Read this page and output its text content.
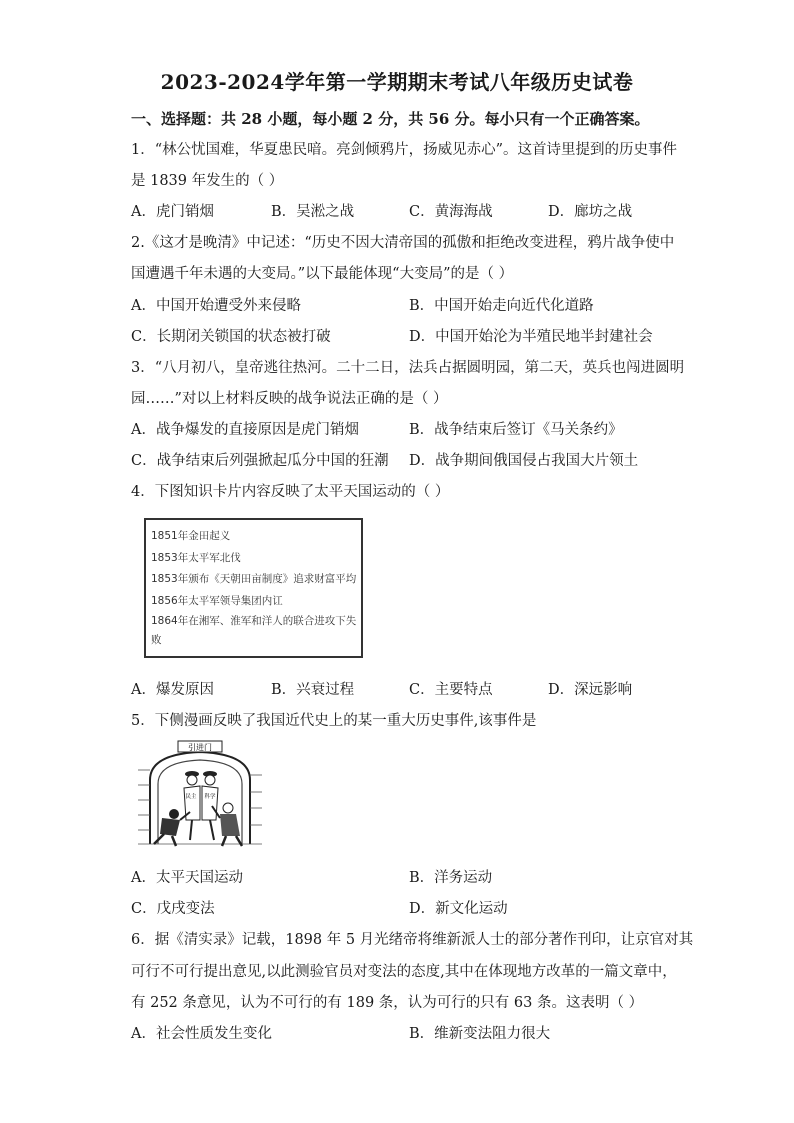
2023-2024学年第一学期期末考试八年级历史试卷
一、选择题：共 28 小题，每小题 2 分，共 56 分。每小只有一个正确答案。
1．“林公忧国难，华夏患民喑。亮剑倾鸦片，扬威见赤心”。这首诗里提到的历史事件
是 1839 年发生的（ ）
A．虎门销烟	B．吴淞之战	C．黄海海战	D．廊坊之战
2.《这才是晚清》中记述：“历史不因大清帝国的孤傲和拒绝改变进程，鸦片战争使中
国遭遇千年未遇的大变局。”以下最能体现“大变局”的是（ ）
A．中国开始遭受外来侵略	B．中国开始走向近代化道路
C．长期闭关锁国的状态被打破	D．中国开始沦为半殖民地半封建社会
3．“八月初八，皇帝逃往热河。二十二日，法兵占据圆明园，第二天，英兵也闯进圆明
园……”对以上材料反映的战争说法正确的是（ ）
A．战争爆发的直接原因是虎门销烟	B．战争结束后签订《马关条约》
C．战争结束后列强掀起瓜分中国的狂潮 D．战争期间俄国侵占我国大片领土
4．下图知识卡片内容反映了太平天国运动的（ ）
1851年金田起义
1853年太平军北伐
1853年颁布《天朝田亩制度》追求财富平均
1856年太平军领导集团内讧
1864年在湘军、淮军和洋人的联合进攻下失败
A．爆发原因	B．兴衰过程	C．主要特点	D．深远影响
5．下侧漫画反映了我国近代史上的某一重大历史事件,该事件是
引进门
民主 科学
A．太平天国运动	B．洋务运动
C．戊戌变法	D．新文化运动
6．据《清实录》记载，1898 年 5 月光绪帝将维新派人士的部分著作刊印，让京官对其
可行不可行提出意见,以此测验官员对变法的态度,其中在体现地方改革的一篇文章中，
有 252 条意见，认为不可行的有 189 条，认为可行的只有 63 条。这表明（ ）
A．社会性质发生变化	B．维新变法阻力很大
